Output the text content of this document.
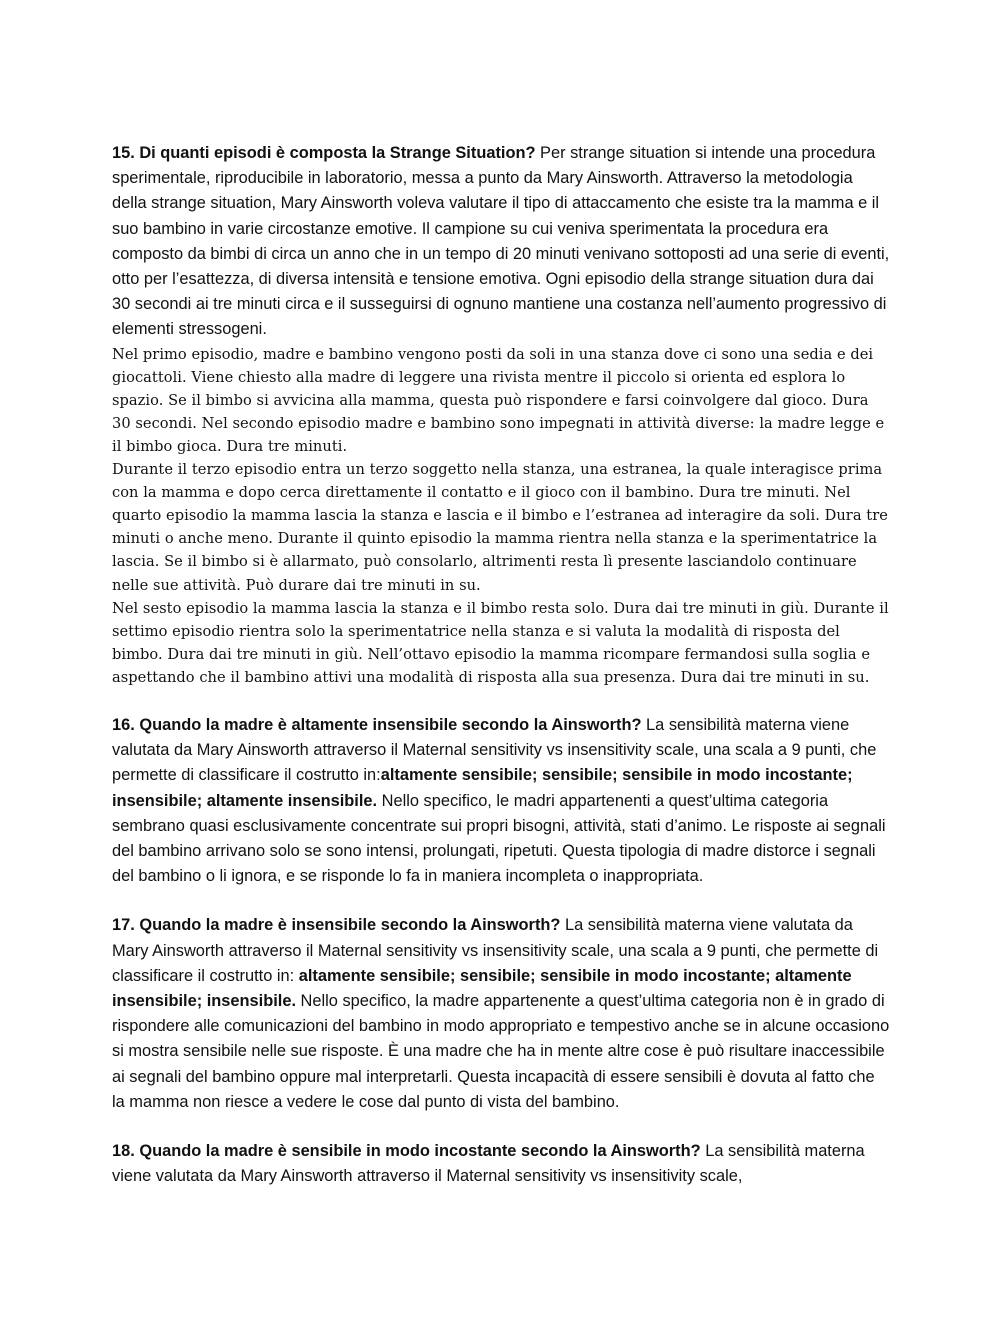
15. Di quanti episodi è composta la Strange Situation? Per strange situation si intende una procedura sperimentale, riproducibile in laboratorio, messa a punto da Mary Ainsworth. Attraverso la metodologia della strange situation, Mary Ainsworth voleva valutare il tipo di attaccamento che esiste tra la mamma e il suo bambino in varie circostanze emotive. Il campione su cui veniva sperimentata la procedura era composto da bimbi di circa un anno che in un tempo di 20 minuti venivano sottoposti ad una serie di eventi, otto per l’esattezza, di diversa intensità e tensione emotiva. Ogni episodio della strange situation dura dai 30 secondi ai tre minuti circa e il susseguirsi di ognuno mantiene una costanza nell’aumento progressivo di elementi stressogeni.

Nel primo episodio, madre e bambino vengono posti da soli in una stanza dove ci sono una sedia e dei giocattoli. Viene chiesto alla madre di leggere una rivista mentre il piccolo si orienta ed esplora lo spazio. Se il bimbo si avvicina alla mamma, questa può rispondere e farsi coinvolgere dal gioco. Dura 30 secondi. Nel secondo episodio madre e bambino sono impegnati in attività diverse: la madre legge e il bimbo gioca. Dura tre minuti.

Durante il terzo episodio entra un terzo soggetto nella stanza, una estranea, la quale interagisce prima con la mamma e dopo cerca direttamente il contatto e il gioco con il bambino. Dura tre minuti. Nel quarto episodio la mamma lascia la stanza e lascia e il bimbo e l’estranea ad interagire da soli. Dura tre minuti o anche meno. Durante il quinto episodio la mamma rientra nella stanza e la sperimentatrice la lascia. Se il bimbo si è allarmato, può consolarlo, altrimenti resta lì presente lasciandolo continuare nelle sue attività. Può durare dai tre minuti in su.

Nel sesto episodio la mamma lascia la stanza e il bimbo resta solo. Dura dai tre minuti in giù. Durante il settimo episodio rientra solo la sperimentatrice nella stanza e si valuta la modalità di risposta del bimbo. Dura dai tre minuti in giù. Nell’ottavo episodio la mamma ricompare fermandosi sulla soglia e aspettando che il bambino attivi una modalità di risposta alla sua presenza. Dura dai tre minuti in su.

16. Quando la madre è altamente insensibile secondo la Ainsworth? La sensibilità materna viene valutata da Mary Ainsworth attraverso il Maternal sensitivity vs insensitivity scale, una scala a 9 punti, che permette di classificare il costrutto in:altamente sensibile; sensibile; sensibile in modo incostante; insensibile; altamente insensibile. Nello specifico, le madri appartenenti a quest’ultima categoria sembrano quasi esclusivamente concentrate sui propri bisogni, attività, stati d’animo. Le risposte ai segnali del bambino arrivano solo se sono intensi, prolungati, ripetuti. Questa tipologia di madre distorce i segnali del bambino o li ignora, e se risponde lo fa in maniera incompleta o inappropriata.

17. Quando la madre è insensibile secondo la Ainsworth? La sensibilità materna viene valutata da Mary Ainsworth attraverso il Maternal sensitivity vs insensitivity scale, una scala a 9 punti, che permette di classificare il costrutto in: altamente sensibile; sensibile; sensibile in modo incostante; altamente insensibile; insensibile. Nello specifico, la madre appartenente a quest’ultima categoria non è in grado di rispondere alle comunicazioni del bambino in modo appropriato e tempestivo anche se in alcune occasiono si mostra sensibile nelle sue risposte. È una madre che ha in mente altre cose è può risultare inaccessibile ai segnali del bambino oppure mal interpretarli. Questa incapacità di essere sensibili è dovuta al fatto che la mamma non riesce a vedere le cose dal punto di vista del bambino.

18. Quando la madre è sensibile in modo incostante secondo la Ainsworth? La sensibilità materna viene valutata da Mary Ainsworth attraverso il Maternal sensitivity vs insensitivity scale,
